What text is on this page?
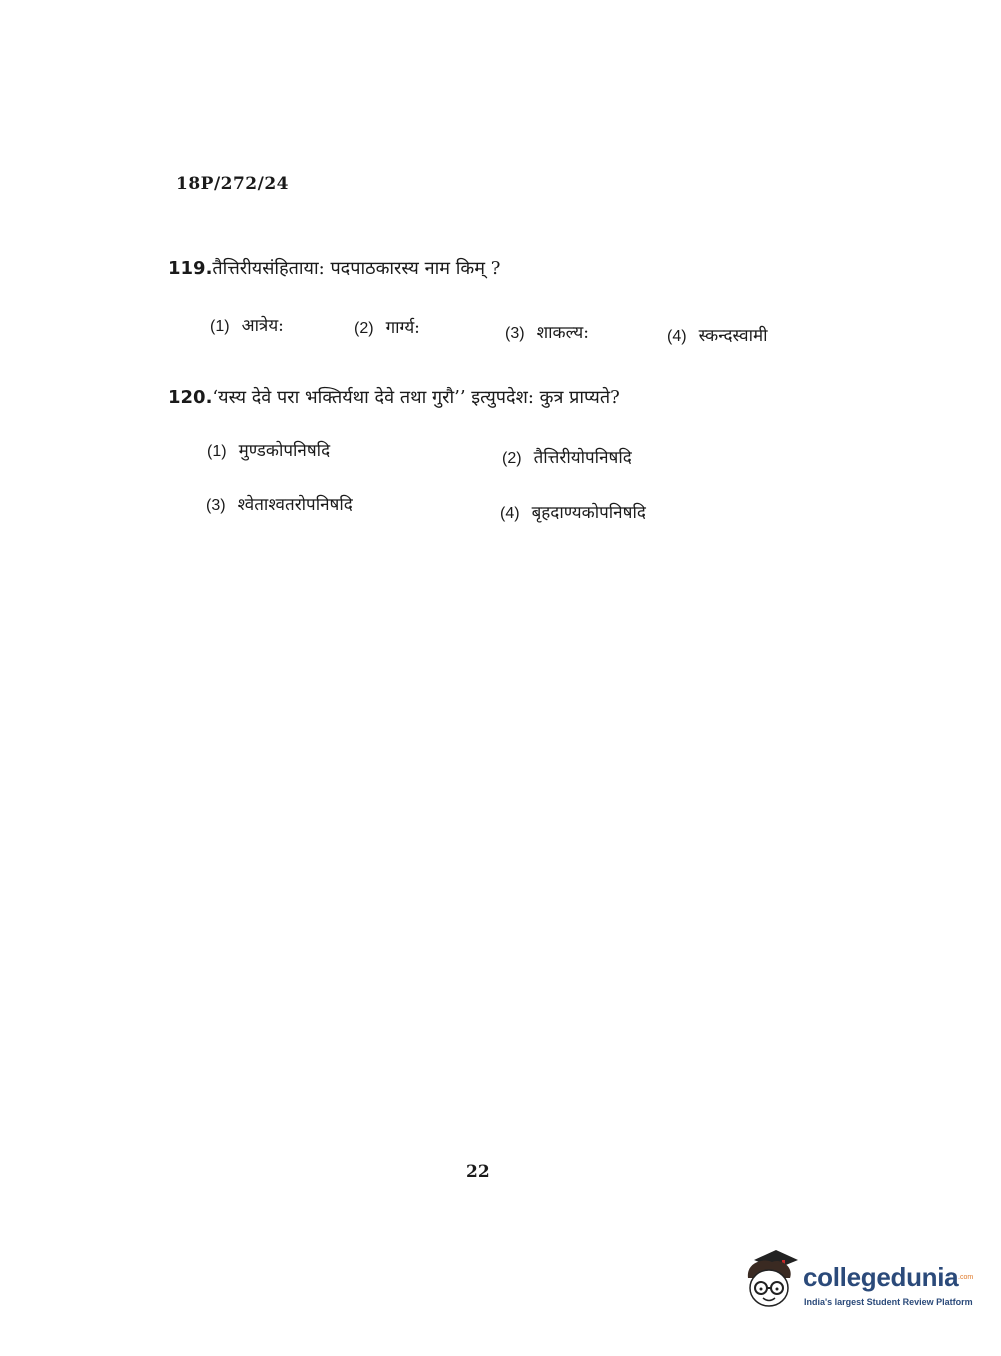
18P/272/24
119.तैत्तिरीयसंहिताया: पदपाठकारस्य नाम किम् ?
(1) आत्रेय:	(2) गार्ग्य:	(3) शाकल्य:	(4) स्कन्दस्वामी
120.‘यस्य देवे परा भक्तिर्यथा देवे तथा गुरौ’’ इत्युपदेश: कुत्र प्राप्यते?
(1) मुण्डकोपनिषदि	(2) तैत्तिरीयोपनिषदि
(3) श्वेताश्वतरोपनिषदि	(4) बृहदाण्यकोपनिषदि
22
collegedunia .com
India's largest Student Review Platform
